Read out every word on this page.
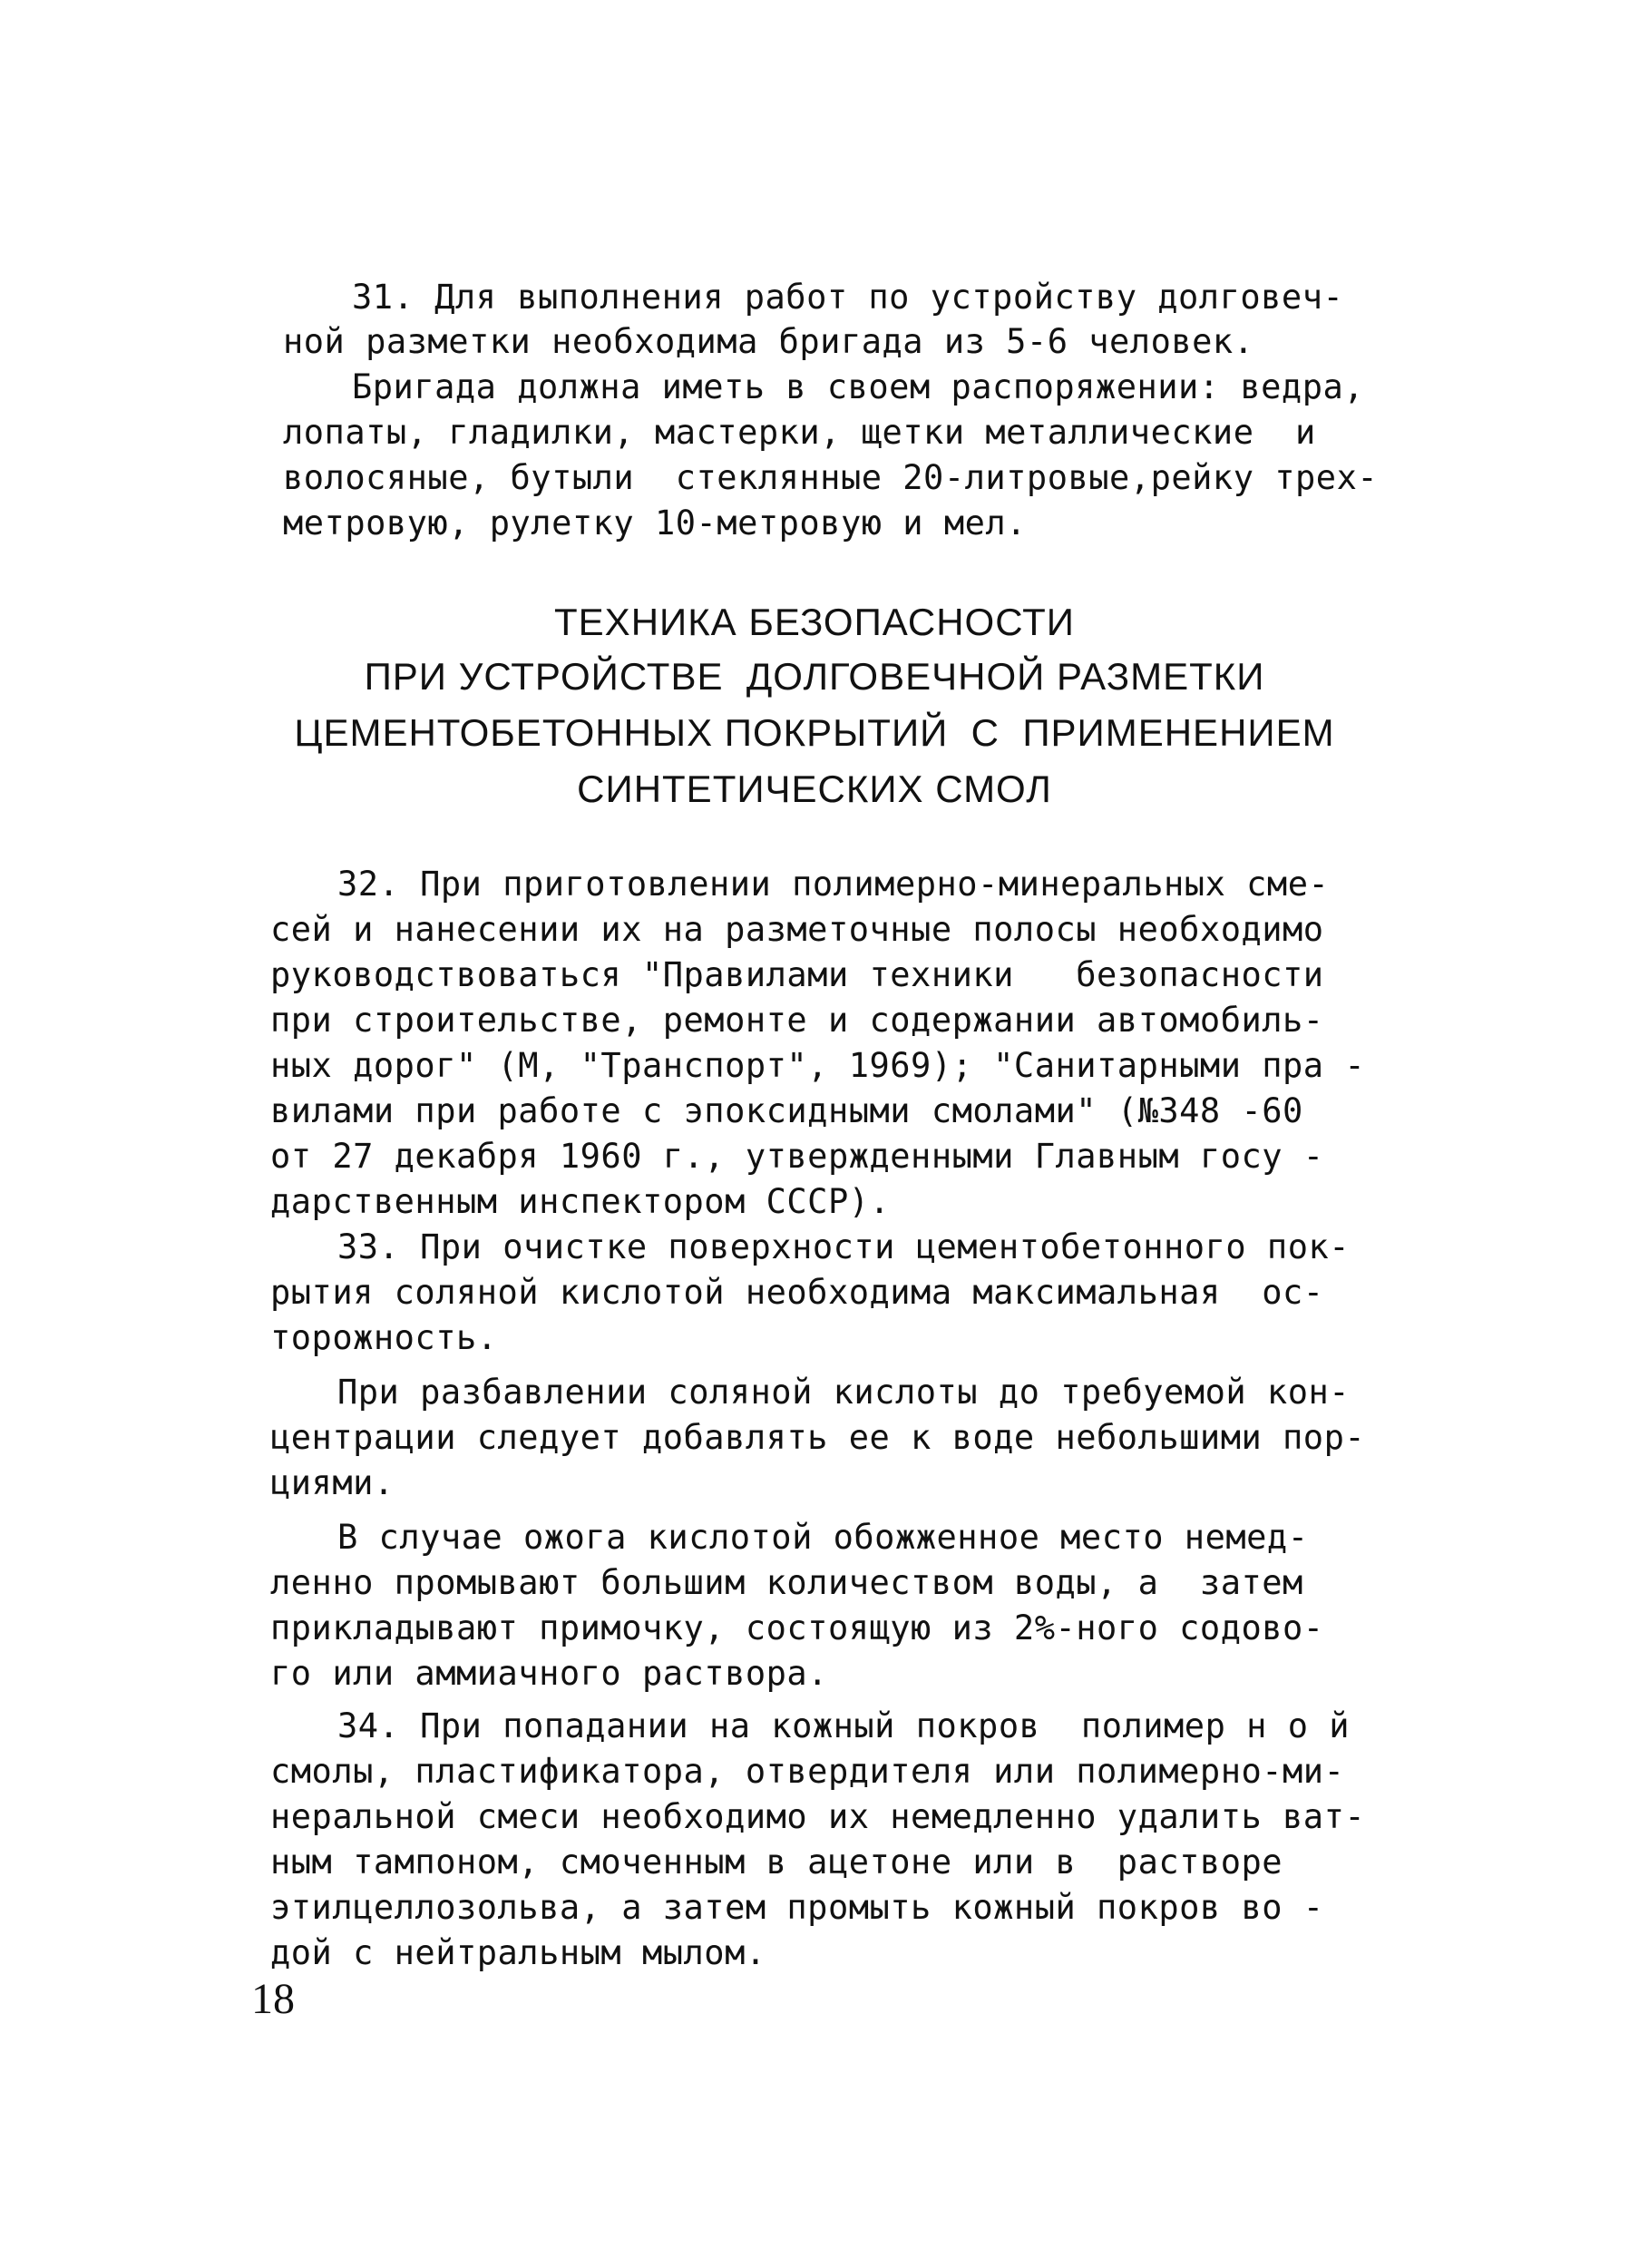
31. Для выполнения работ по устройству долговеч-
ной разметки необходима бригада из 5-6 человек.
Бригада должна иметь в своем распоряжении: ведра,
лопаты, гладилки, мастерки, щетки металлические  и
волосяные, бутыли  стеклянные 20-литровые,рейку трех-
метровую, рулетку 10-метровую и мел.
ТЕХНИКА БЕЗОПАСНОСТИ
ПРИ УСТРОЙСТВЕ  ДОЛГОВЕЧНОЙ РАЗМЕТКИ
ЦЕМЕНТОБЕТОННЫХ ПОКРЫТИЙ  С  ПРИМЕНЕНИЕМ
СИНТЕТИЧЕСКИХ СМОЛ
32. При приготовлении полимерно-минеральных сме-
сей и нанесении их на разметочные полосы необходимо
руководствоваться "Правилами техники   безопасности
при строительстве, ремонте и содержании автомобиль-
ных дорог" (М, "Транспорт", 1969); "Санитарными пра -
вилами при работе с эпоксидными смолами" (№348 -60
от 27 декабря 1960 г., утвержденными Главным госу -
дарственным инспектором СССР).
33. При очистке поверхности цементобетонного пок-
рытия соляной кислотой необходима максимальная  ос-
торожность.
При разбавлении соляной кислоты до требуемой кон-
центрации следует добавлять ее к воде небольшими пор-
циями.
В случае ожога кислотой обожженное место немед-
ленно промывают большим количеством воды, а  затем
прикладывают примочку, состоящую из 2%-ного содово-
го или аммиачного раствора.
34. При попадании на кожный покров  полимер н о й
смолы, пластификатора, отвердителя или полимерно-ми-
неральной смеси необходимо их немедленно удалить ват-
ным тампоном, смоченным в ацетоне или в  растворе
этилцеллозольва, а затем промыть кожный покров во -
дой с нейтральным мылом.
18
